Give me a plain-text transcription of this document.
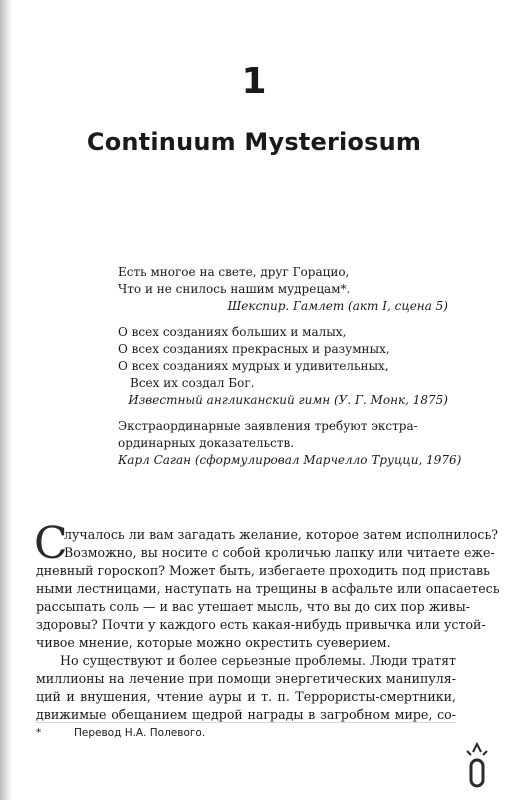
1
Continuum Mysteriosum
Есть многое на свете, друг Горацио,
Что и не снилось нашим мудрецам*.
Шекспир. Гамлет (акт I, сцена 5)
О всех созданиях больших и малых,
О всех созданиях прекрасных и разумных,
О всех созданиях мудрых и удивительных,
Всех их создал Бог.
Известный англиканский гимн (У. Г. Монк, 1875)
Экстраординарные заявления требуют экстра-
ординарных доказательств.
Карл Саган (сформулировал Марчелло Труцци, 1976)
С
лучалось ли вам загадать желание, которое затем исполнилось?
Возможно, вы носите с собой кроличью лапку или читаете еже-
дневный гороскоп? Может быть, избегаете проходить под приставь
ными лестницами, наступать на трещины в асфальте или опасаетесь
рассыпать соль — и вас утешает мысль, что вы до сих пор живы-
здоровы? Почти у каждого есть какая-нибудь привычка или устой-
чивое мнение, которые можно окрестить суеверием.
Но существуют и более серьезные проблемы. Люди тратят
миллионы на лечение при помощи энергетических манипуля-
ций и внушения, чтение ауры и т. п. Террористы-смертники,
движимые обещанием щедрой награды в загробном мире, со-
*	Перевод Н.А. Полевого.
